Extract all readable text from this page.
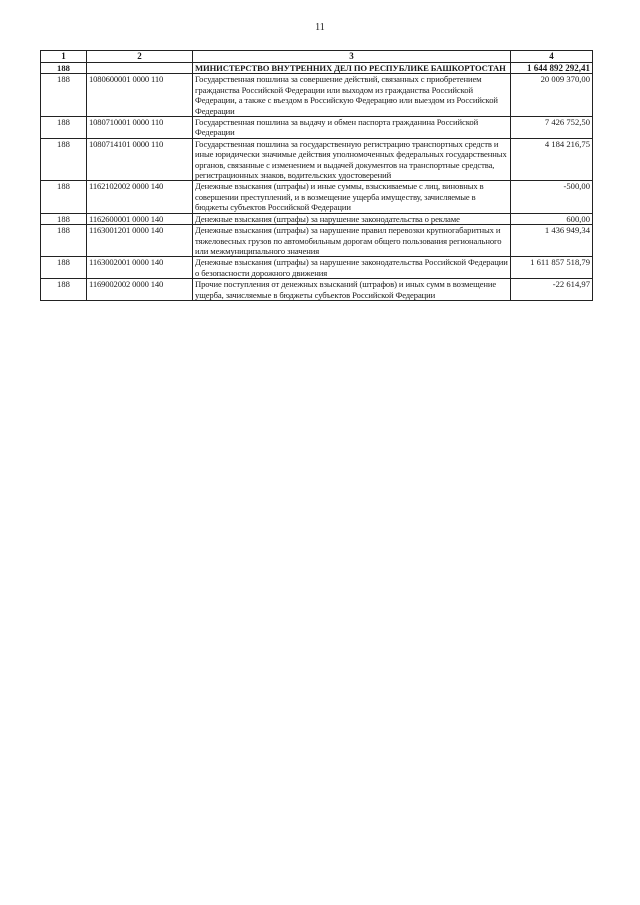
11
1	2	3	4
188		МИНИСТЕРСТВО ВНУТРЕННИХ ДЕЛ ПО РЕСПУБЛИКЕ БАШКОРТОСТАН	1 644 892 292,41
188	1080600001 0000 110	Государственная пошлина за совершение действий, связанных с приобретением гражданства Российской Федерации или выходом из гражданства Российской Федерации, а также с въездом в Российскую Федерацию или выездом из Российской Федерации	20 009 370,00
188	1080710001 0000 110	Государственная пошлина за выдачу и обмен паспорта гражданина Российской Федерации	7 426 752,50
188	1080714101 0000 110	Государственная пошлина за государственную регистрацию транспортных средств и иные юридически значимые действия уполномоченных федеральных государственных органов, связанные с изменением и выдачей документов на транспортные средства, регистрационных знаков, водительских удостоверений	4 184 216,75
188	1162102002 0000 140	Денежные взыскания (штрафы) и иные суммы, взыскиваемые с лиц, виновных в совершении преступлений, и в возмещение ущерба имуществу, зачисляемые в бюджеты субъектов Российской Федерации	-500,00
188	1162600001 0000 140	Денежные взыскания (штрафы) за нарушение законодательства о рекламе	600,00
188	1163001201 0000 140	Денежные взыскания (штрафы) за нарушение правил перевозки крупногабаритных и тяжеловесных грузов по автомобильным дорогам общего пользования регионального или межмуниципального значения	1 436 949,34
188	1163002001 0000 140	Денежные взыскания (штрафы) за нарушение законодательства Российской Федерации о безопасности дорожного движения	1 611 857 518,79
188	1169002002 0000 140	Прочие поступления от денежных взысканий (штрафов) и иных сумм в возмещение ущерба, зачисляемые в бюджеты субъектов Российской Федерации	-22 614,97
